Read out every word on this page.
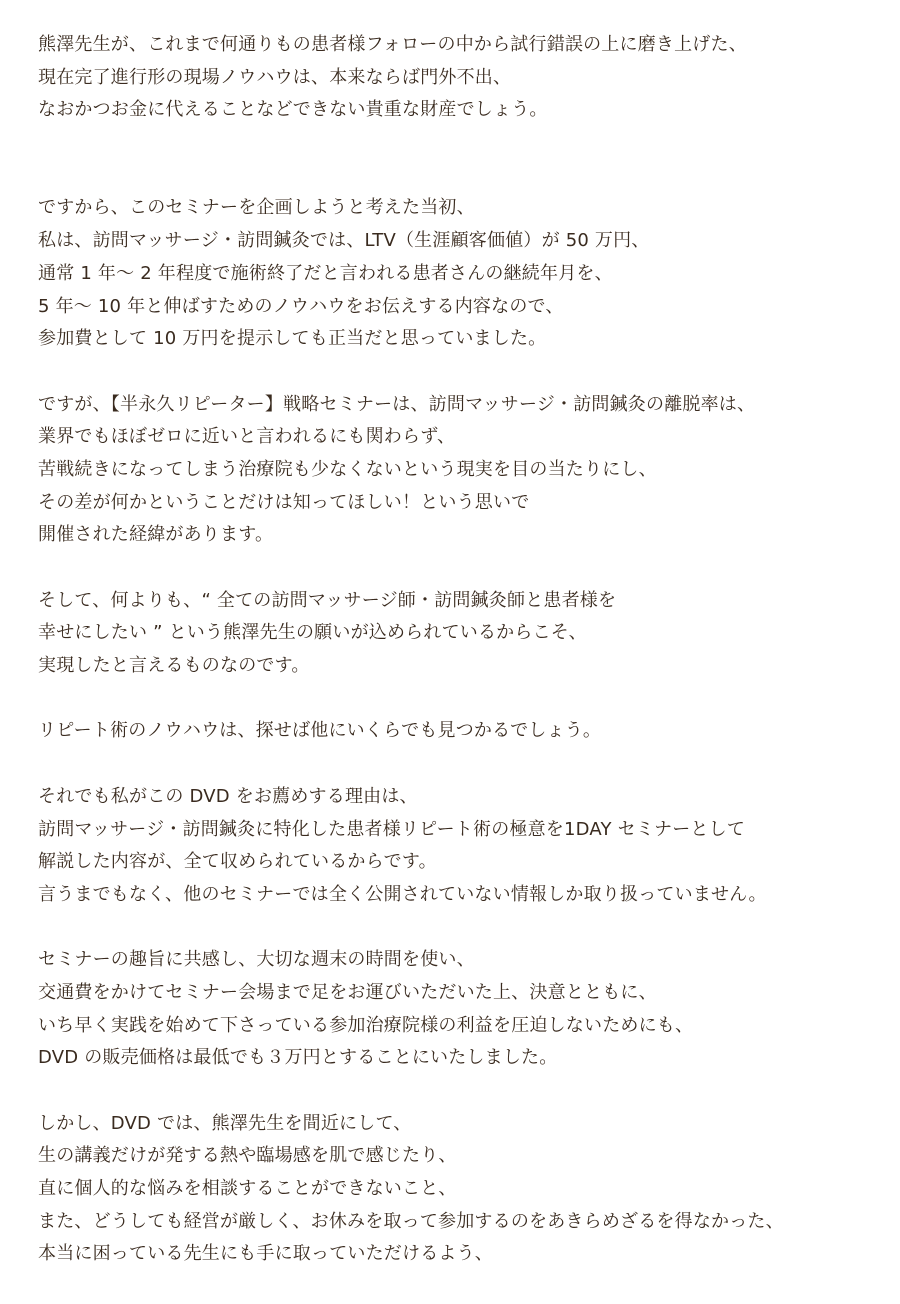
熊澤先生が、これまで何通りもの患者様フォローの中から試行錯誤の上に磨き上げた、
現在完了進行形の現場ノウハウは、本来ならば門外不出、
なおかつお金に代えることなどできない貴重な財産でしょう。
ですから、このセミナーを企画しようと考えた当初、
私は、訪問マッサージ・訪問鍼灸では、LTV（生涯顧客価値）が 50 万円、
通常 1 年〜 2 年程度で施術終了だと言われる患者さんの継続年月を、
5 年〜 10 年と伸ばすためのノウハウをお伝えする内容なので、
参加費として 10 万円を提示しても正当だと思っていました。
ですが、【半永久リピーター】戦略セミナーは、訪問マッサージ・訪問鍼灸の離脱率は、
業界でもほぼゼロに近いと言われるにも関わらず、
苦戦続きになってしまう治療院も少なくないという現実を目の当たりにし、
その差が何かということだけは知ってほしい！という思いで
開催された経緯があります。
そして、何よりも、“ 全ての訪問マッサージ師・訪問鍼灸師と患者様を
幸せにしたい ” という熊澤先生の願いが込められているからこそ、
実現したと言えるものなのです。
リピート術のノウハウは、探せば他にいくらでも見つかるでしょう。
それでも私がこの DVD をお薦めする理由は、
訪問マッサージ・訪問鍼灸に特化した患者様リピート術の極意を1DAY セミナーとして
解説した内容が、全て収められているからです。
言うまでもなく、他のセミナーでは全く公開されていない情報しか取り扱っていません。
セミナーの趣旨に共感し、大切な週末の時間を使い、
交通費をかけてセミナー会場まで足をお運びいただいた上、決意とともに、
いち早く実践を始めて下さっている参加治療院様の利益を圧迫しないためにも、
DVD の販売価格は最低でも３万円とすることにいたしました。
しかし、DVD では、熊澤先生を間近にして、
生の講義だけが発する熱や臨場感を肌で感じたり、
直に個人的な悩みを相談することができないこと、
また、どうしても経営が厳しく、お休みを取って参加するのをあきらめざるを得なかった、
本当に困っている先生にも手に取っていただけるよう、
